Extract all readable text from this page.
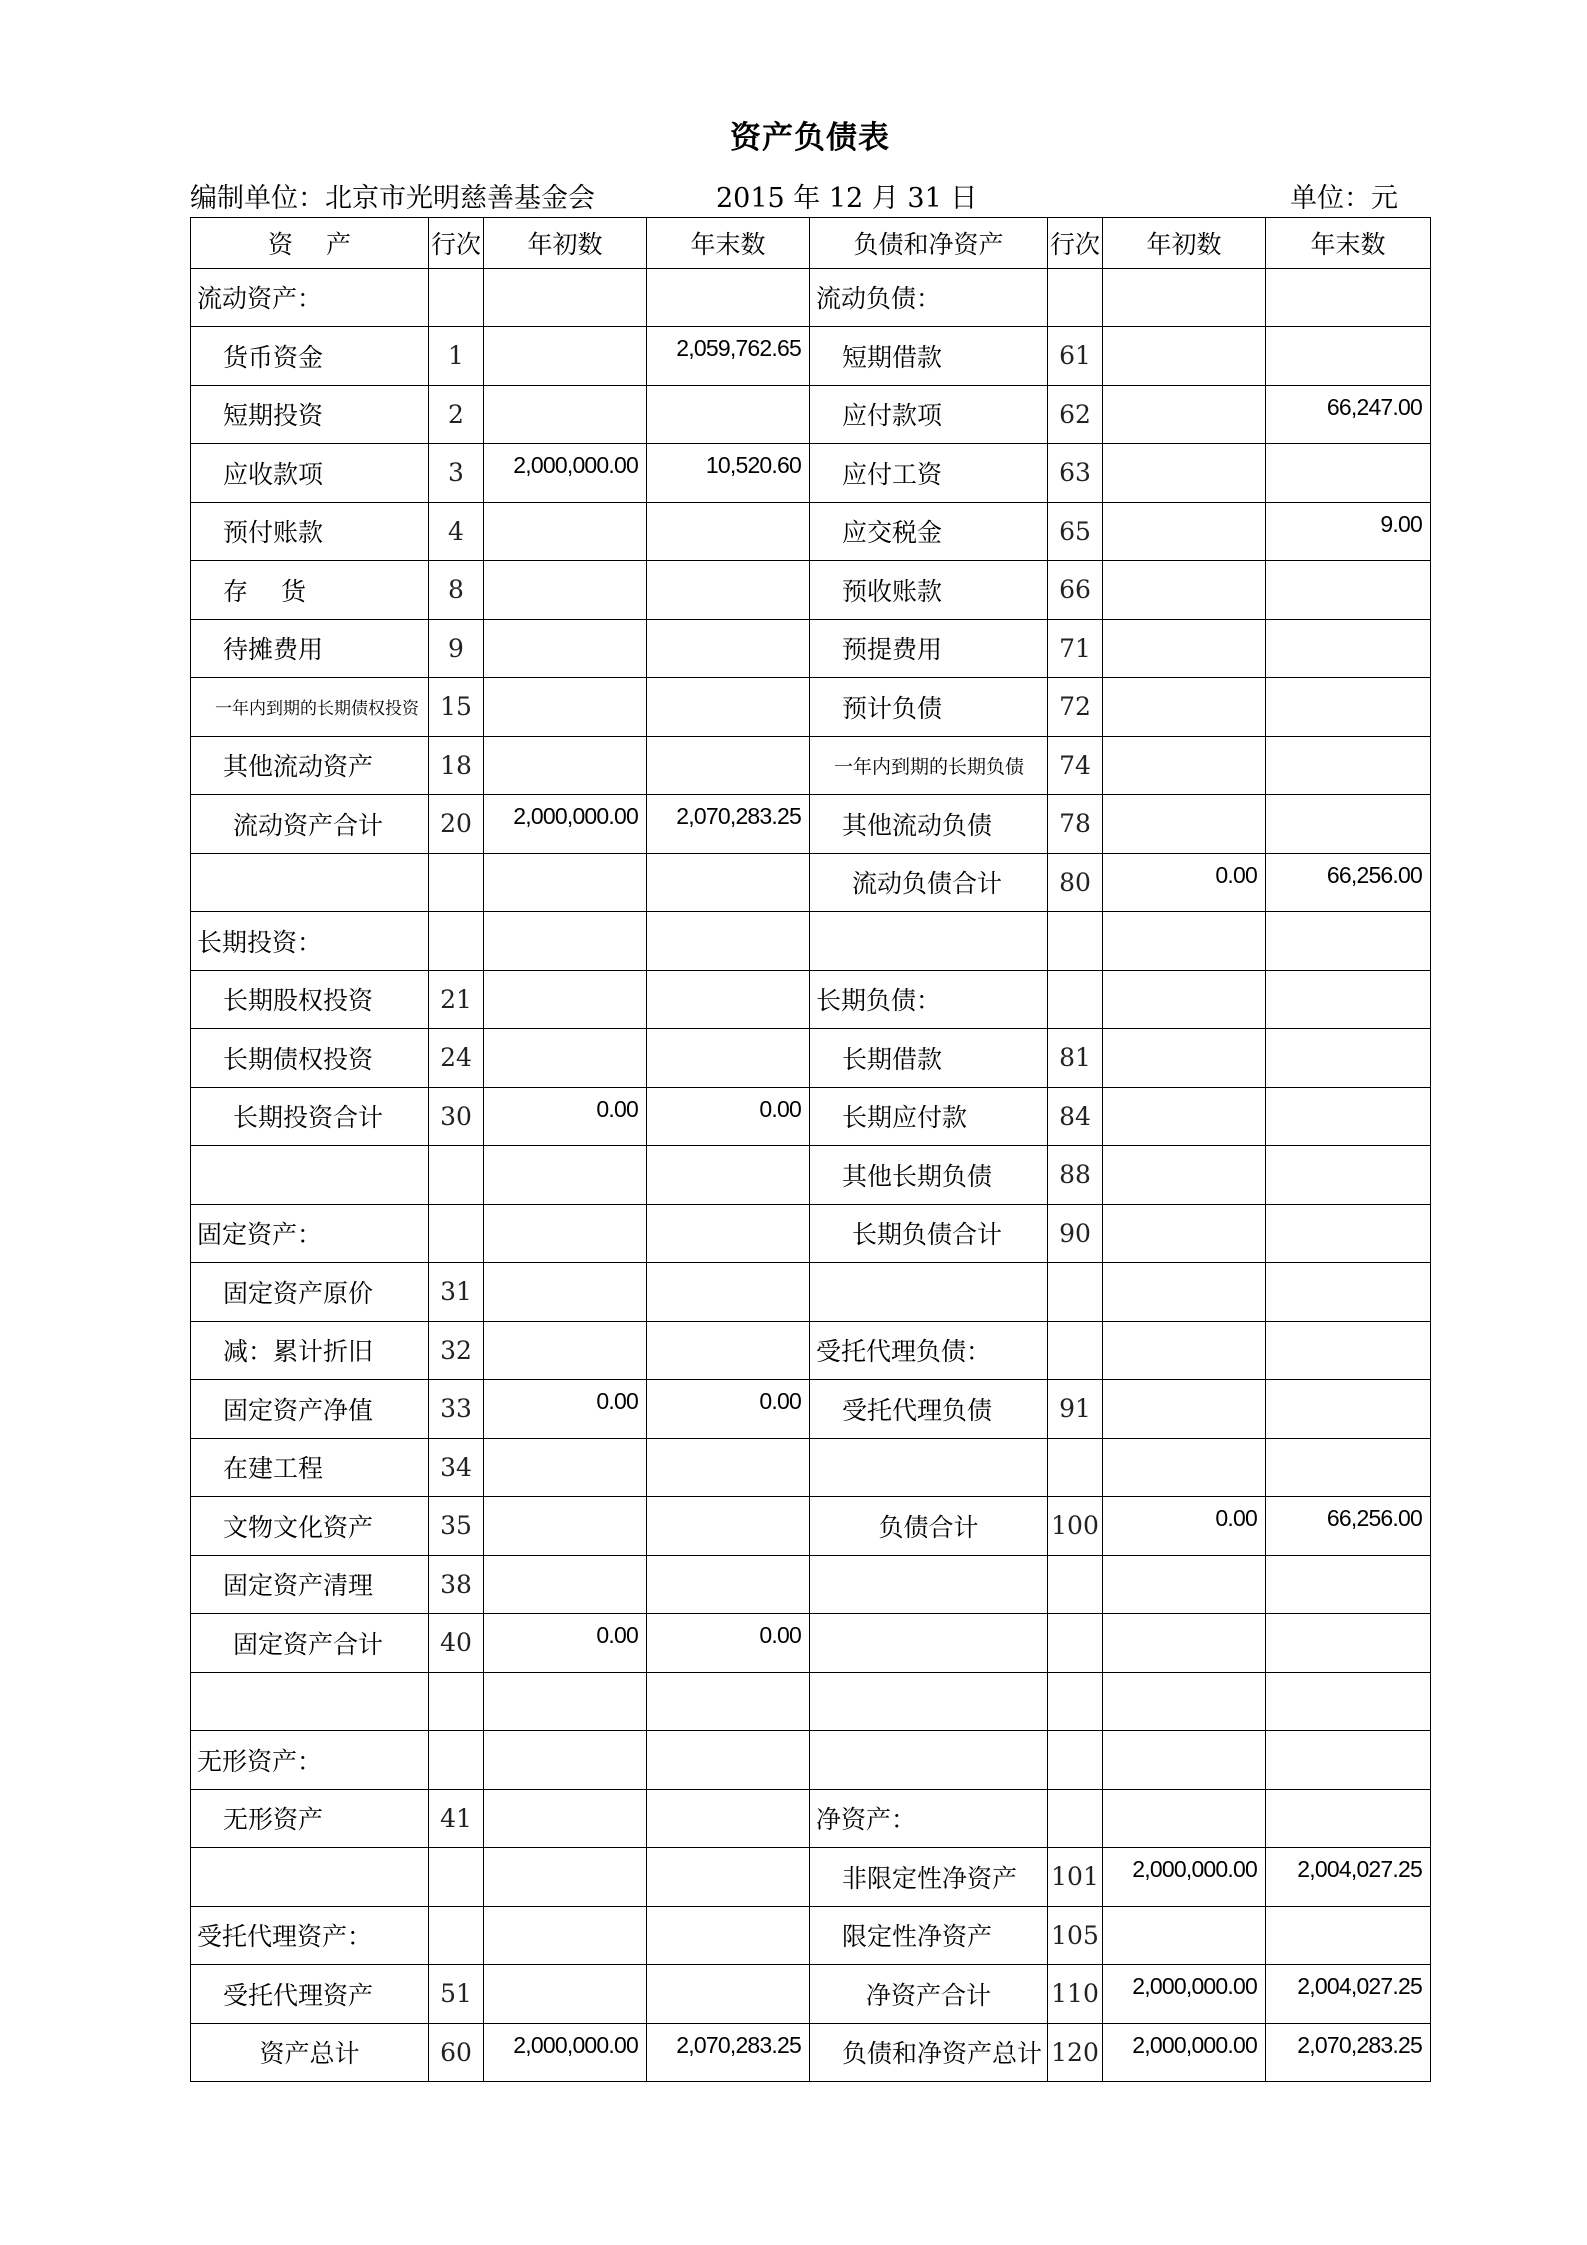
资产负债表
编制单位：北京市光明慈善基金会	2015 年 12 月 31 日	单位：元
资　 产	行次	年初数	年末数	负债和净资产	行次	年初数	年末数
流动资产：				流动负债：			
货币资金	1		2,059,762.65	短期借款	61		
短期投资	2			应付款项	62		66,247.00
应收款项	3	2,000,000.00	10,520.60	应付工资	63		
预付账款	4			应交税金	65		9.00
存　 货	8			预收账款	66		
待摊费用	9			预提费用	71		
一年内到期的长期债权投资	15			预计负债	72		
其他流动资产	18			一年内到期的长期负债	74		
流动资产合计	20	2,000,000.00	2,070,283.25	其他流动负债	78		
				流动负债合计	80	0.00	66,256.00
长期投资：							
长期股权投资	21			长期负债：			
长期债权投资	24			长期借款	81		
长期投资合计	30	0.00	0.00	长期应付款	84		
				其他长期负债	88		
固定资产：				长期负债合计	90		
固定资产原价	31						
减：累计折旧	32			受托代理负债：			
固定资产净值	33	0.00	0.00	受托代理负债	91		
在建工程	34						
文物文化资产	35			负债合计	100	0.00	66,256.00
固定资产清理	38						
固定资产合计	40	0.00	0.00				

无形资产：							
无形资产	41			净资产：			
				非限定性净资产	101	2,000,000.00	2,004,027.25
受托代理资产：				限定性净资产	105		
受托代理资产	51			净资产合计	110	2,000,000.00	2,004,027.25
资产总计	60	2,000,000.00	2,070,283.25	负债和净资产总计	120	2,000,000.00	2,070,283.25
